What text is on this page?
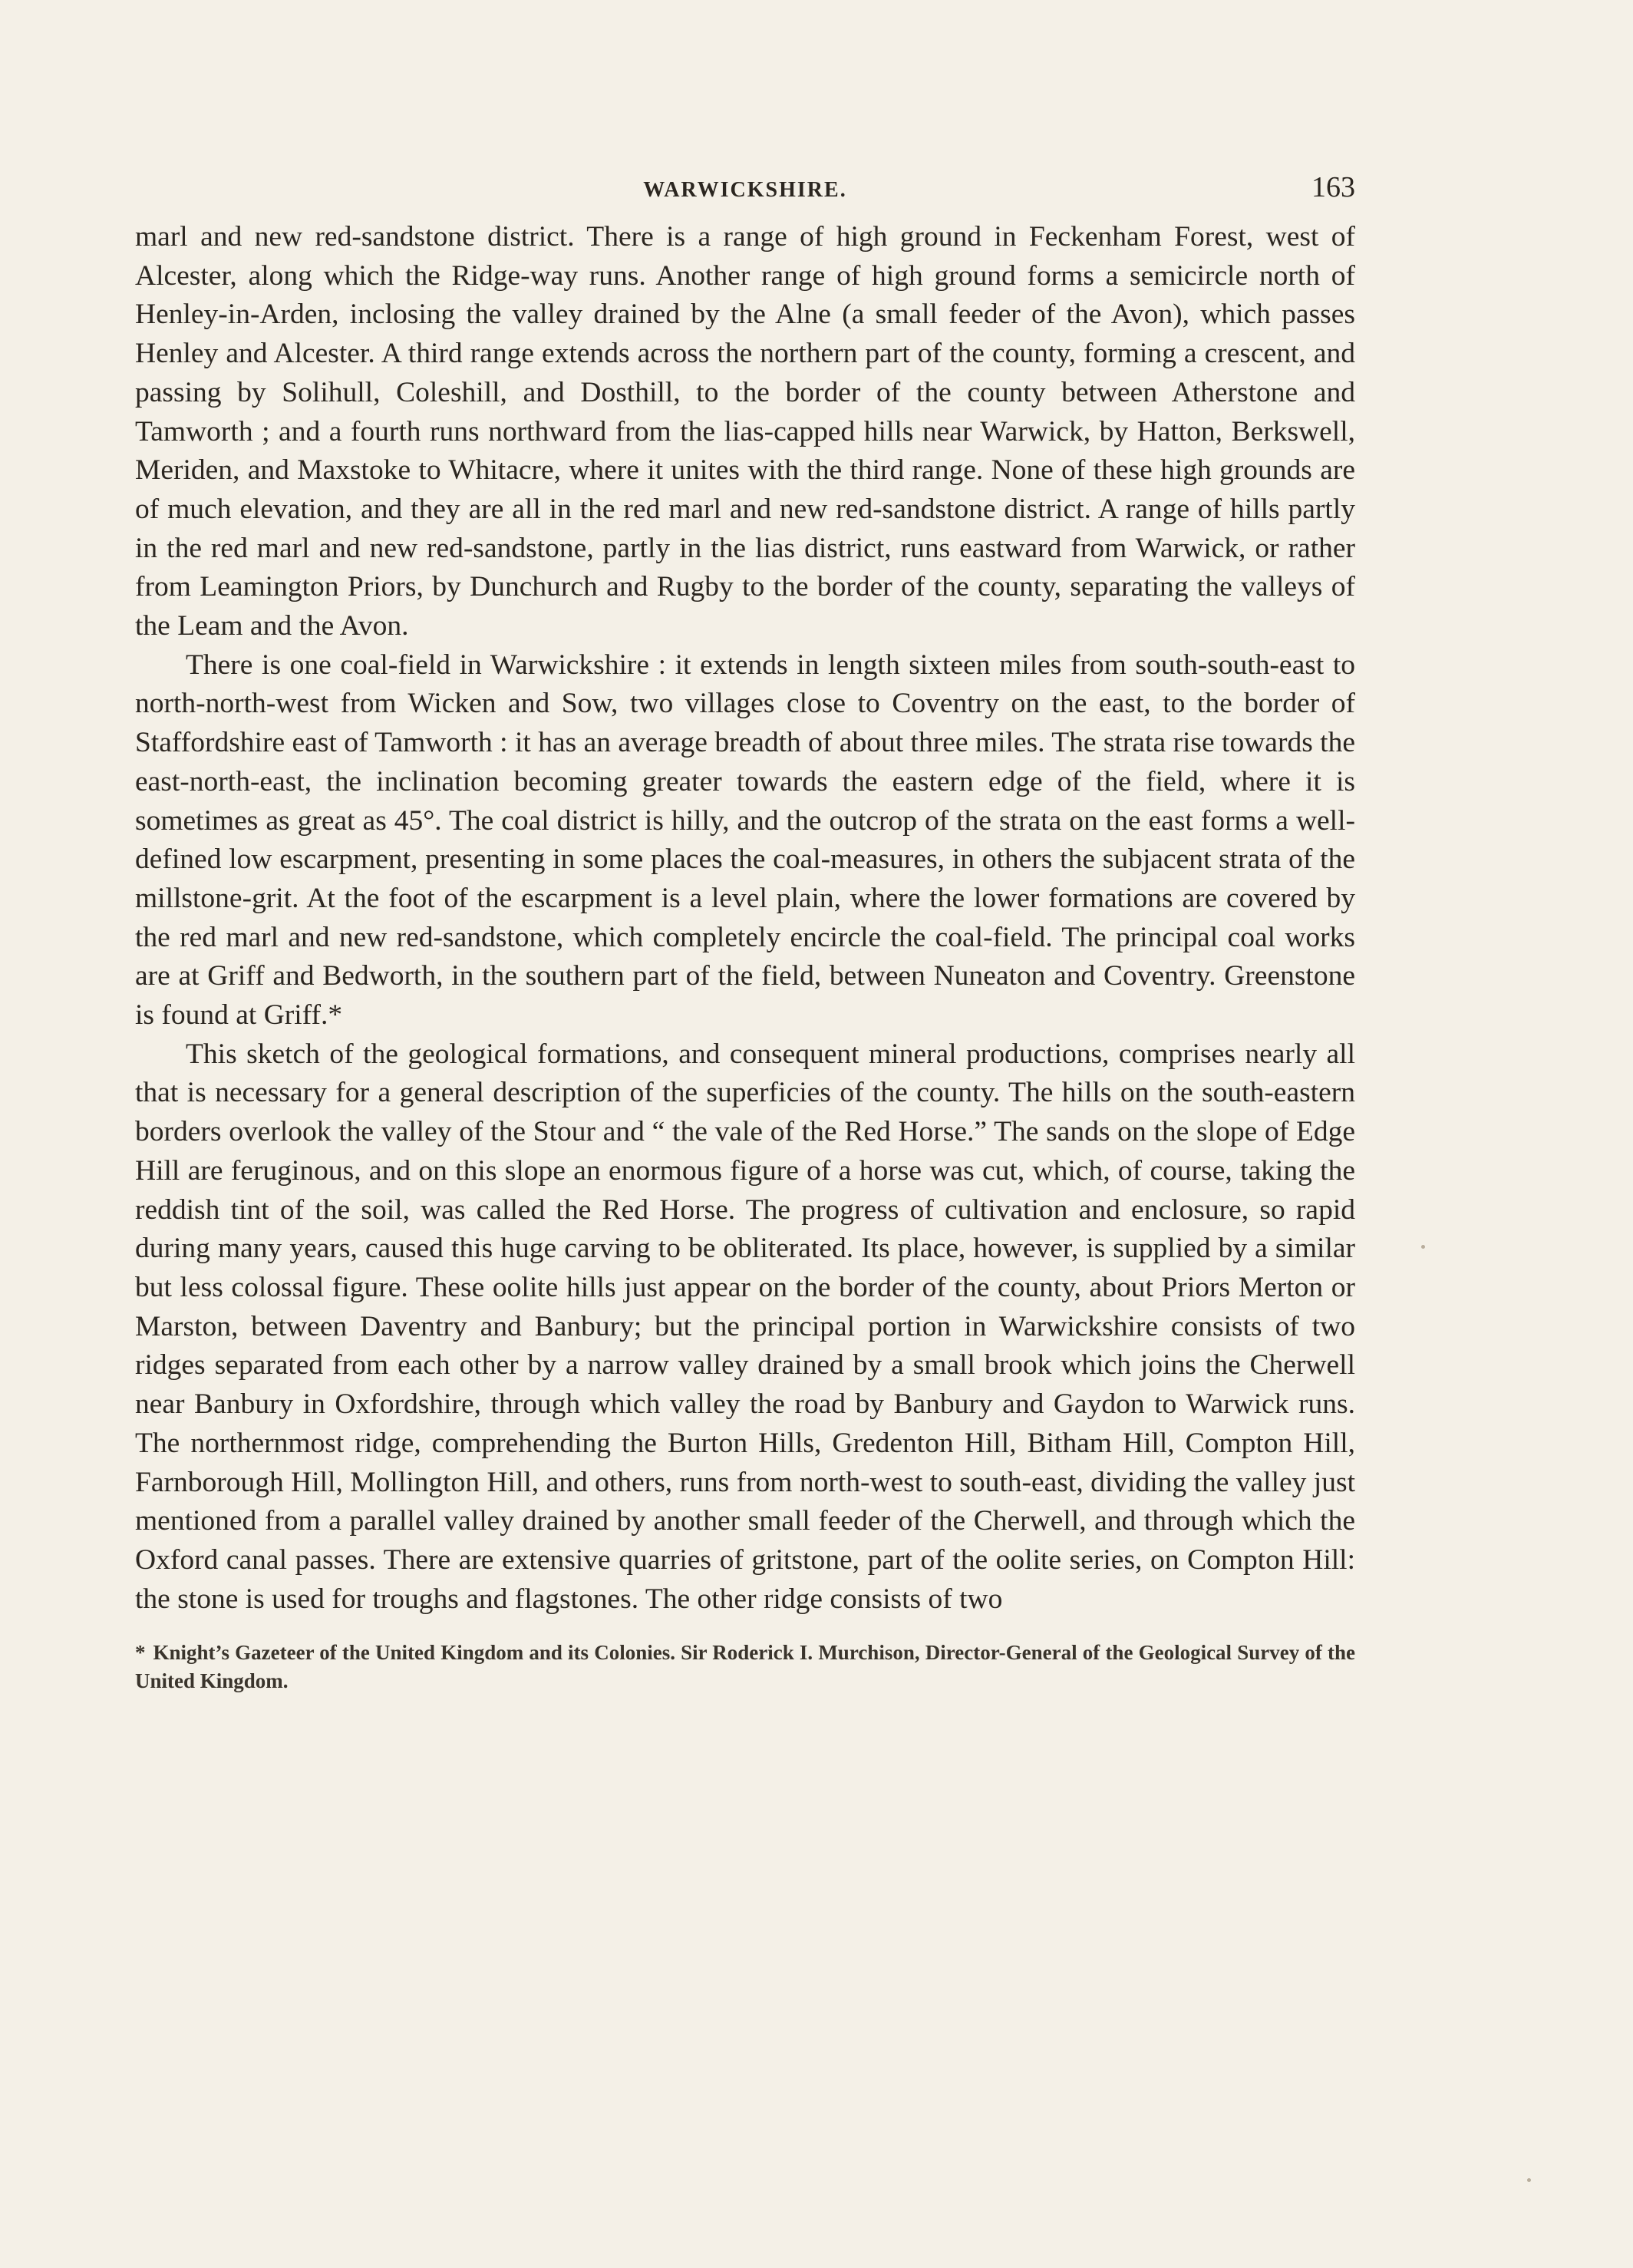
WARWICKSHIRE.	163

marl and new red-sandstone district. There is a range of high ground in Feckenham Forest, west of Alcester, along which the Ridge-way runs. Another range of high ground forms a semicircle north of Henley-in-Arden, inclosing the valley drained by the Alne (a small feeder of the Avon), which passes Henley and Alcester. A third range extends across the northern part of the county, forming a crescent, and passing by Solihull, Coleshill, and Dosthill, to the border of the county between Atherstone and Tamworth ; and a fourth runs northward from the lias-capped hills near Warwick, by Hatton, Berkswell, Meriden, and Maxstoke to Whitacre, where it unites with the third range. None of these high grounds are of much elevation, and they are all in the red marl and new red-sandstone district. A range of hills partly in the red marl and new red-sandstone, partly in the lias district, runs eastward from Warwick, or rather from Leamington Priors, by Dunchurch and Rugby to the border of the county, separating the valleys of the Leam and the Avon.

There is one coal-field in Warwickshire : it extends in length sixteen miles from south-south-east to north-north-west from Wicken and Sow, two villages close to Coventry on the east, to the border of Staffordshire east of Tamworth : it has an average breadth of about three miles. The strata rise towards the east-north-east, the inclination becoming greater towards the eastern edge of the field, where it is sometimes as great as 45°. The coal district is hilly, and the outcrop of the strata on the east forms a well-defined low escarpment, presenting in some places the coal-measures, in others the subjacent strata of the millstone-grit. At the foot of the escarpment is a level plain, where the lower formations are covered by the red marl and new red-sandstone, which completely encircle the coal-field. The principal coal works are at Griff and Bedworth, in the southern part of the field, between Nuneaton and Coventry. Greenstone is found at Griff.*

This sketch of the geological formations, and consequent mineral productions, comprises nearly all that is necessary for a general description of the superficies of the county. The hills on the south-eastern borders overlook the valley of the Stour and “ the vale of the Red Horse.” The sands on the slope of Edge Hill are feruginous, and on this slope an enormous figure of a horse was cut, which, of course, taking the reddish tint of the soil, was called the Red Horse. The progress of cultivation and enclosure, so rapid during many years, caused this huge carving to be obliterated. Its place, however, is supplied by a similar but less colossal figure. These oolite hills just appear on the border of the county, about Priors Merton or Marston, between Daventry and Banbury; but the principal portion in Warwickshire consists of two ridges separated from each other by a narrow valley drained by a small brook which joins the Cherwell near Banbury in Oxfordshire, through which valley the road by Banbury and Gaydon to Warwick runs. The northernmost ridge, comprehending the Burton Hills, Gredenton Hill, Bitham Hill, Compton Hill, Farnborough Hill, Mollington Hill, and others, runs from north-west to south-east, dividing the valley just mentioned from a parallel valley drained by another small feeder of the Cherwell, and through which the Oxford canal passes. There are extensive quarries of gritstone, part of the oolite series, on Compton Hill: the stone is used for troughs and flagstones. The other ridge consists of two

* Knight’s Gazeteer of the United Kingdom and its Colonies. Sir Roderick I. Murchison, Director-General of the Geological Survey of the United Kingdom.
